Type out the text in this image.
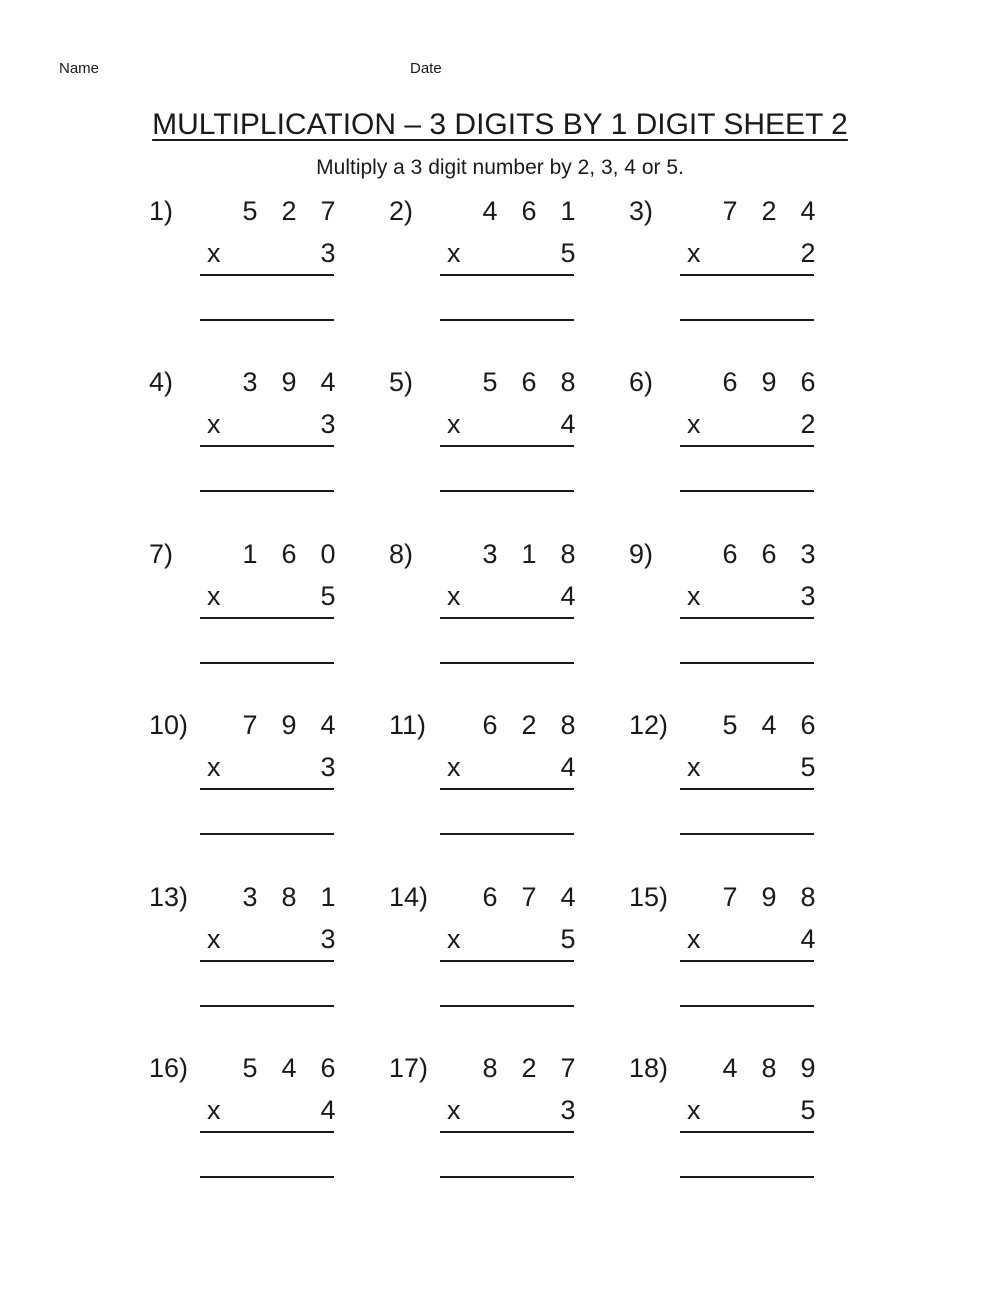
Name	Date
MULTIPLICATION – 3 DIGITS BY 1 DIGIT SHEET 2
Multiply a 3 digit number by 2, 3, 4 or 5.
1)	5 2 7
x	3
2)	4 6 1
x	5
3)	7 2 4
x	2
4)	3 9 4
x	3
5)	5 6 8
x	4
6)	6 9 6
x	2
7)	1 6 0
x	5
8)	3 1 8
x	4
9)	6 6 3
x	3
10) 7 9 4
x	3
11) 6 2 8
x	4
12) 5 4 6
x	5
13) 3 8 1
x	3
14) 6 7 4
x	5
15) 7 9 8
x	4
16) 5 4 6
x	4
17) 8 2 7
x	3
18) 4 8 9
x	5
